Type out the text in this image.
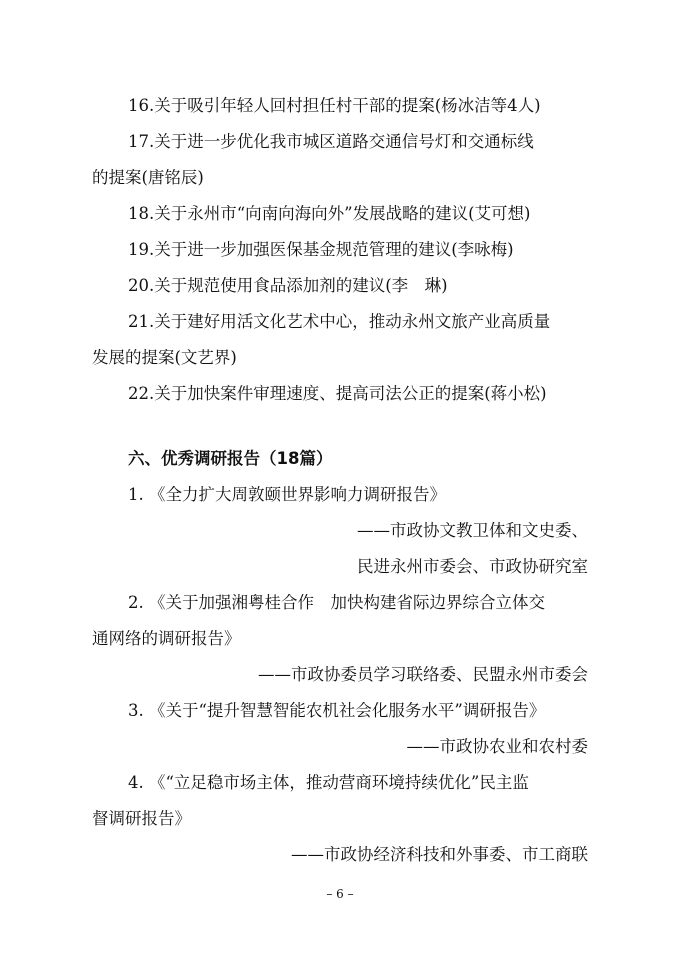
16.关于吸引年轻人回村担任村干部的提案(杨冰洁等4人)

17.关于进一步优化我市城区道路交通信号灯和交通标线

的提案(唐铭辰)

18.关于永州市“向南向海向外”发展战略的建议(艾可想)

19.关于进一步加强医保基金规范管理的建议(李咏梅)

20.关于规范使用食品添加剂的建议(李　琳)

21.关于建好用活文化艺术中心，推动永州文旅产业高质量

发展的提案(文艺界)

22.关于加快案件审理速度、提高司法公正的提案(蒋小松)

六、优秀调研报告（18篇）

1. 《全力扩大周敦颐世界影响力调研报告》

——市政协文教卫体和文史委、

民进永州市委会、市政协研究室

2. 《关于加强湘粤桂合作　加快构建省际边界综合立体交

通网络的调研报告》

——市政协委员学习联络委、民盟永州市委会

3. 《关于“提升智慧智能农机社会化服务水平”调研报告》

——市政协农业和农村委

4. 《“立足稳市场主体，推动营商环境持续优化”民主监

督调研报告》

——市政协经济科技和外事委、市工商联

– 6 –
